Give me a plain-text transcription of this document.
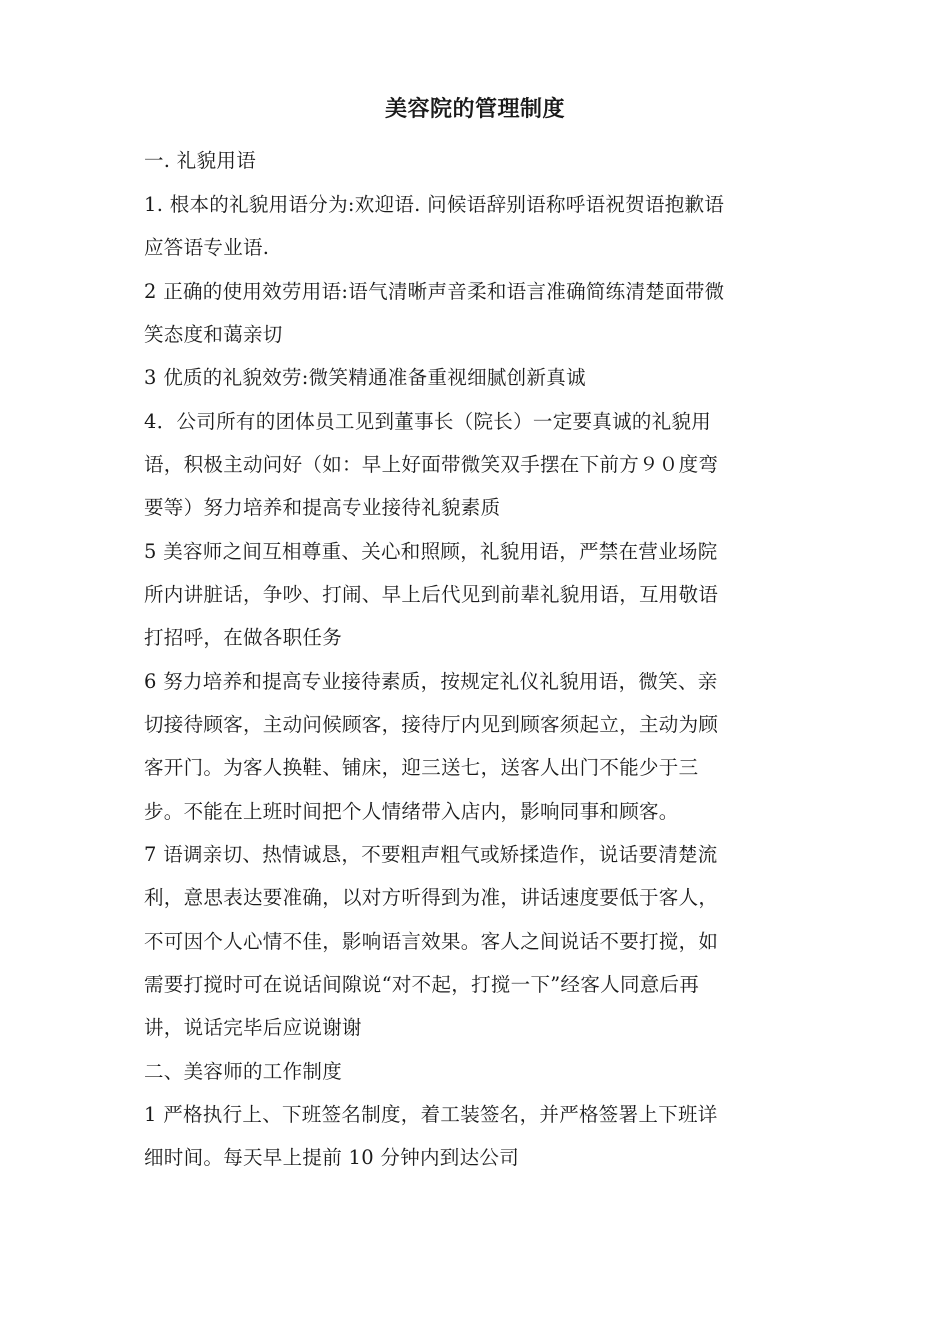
美容院的管理制度
一. 礼貌用语
1. 根本的礼貌用语分为:欢迎语. 问候语辞别语称呼语祝贺语抱歉语
应答语专业语.
2 正确的使用效劳用语:语气清晰声音柔和语言准确简练清楚面带微
笑态度和蔼亲切
3 优质的礼貌效劳:微笑精通准备重视细腻创新真诚
4．公司所有的团体员工见到董事长（院长）一定要真诚的礼貌用
语，积极主动问好（如：早上好面带微笑双手摆在下前方９０度弯
要等）努力培养和提高专业接待礼貌素质
5 美容师之间互相尊重、关心和照顾，礼貌用语，严禁在营业场院
所内讲脏话，争吵、打闹、早上后代见到前辈礼貌用语，互用敬语
打招呼，在做各职任务
6 努力培养和提高专业接待素质，按规定礼仪礼貌用语，微笑、亲
切接待顾客，主动问候顾客，接待厅内见到顾客须起立，主动为顾
客开门。为客人换鞋、铺床，迎三送七，送客人出门不能少于三
步。不能在上班时间把个人情绪带入店内，影响同事和顾客。
7 语调亲切、热情诚恳，不要粗声粗气或矫揉造作，说话要清楚流
利，意思表达要准确，以对方听得到为准，讲话速度要低于客人，
不可因个人心情不佳，影响语言效果。客人之间说话不要打搅，如
需要打搅时可在说话间隙说“对不起，打搅一下”经客人同意后再
讲，说话完毕后应说谢谢
二、美容师的工作制度
1 严格执行上、下班签名制度，着工装签名，并严格签署上下班详
细时间。每天早上提前 10 分钟内到达公司
